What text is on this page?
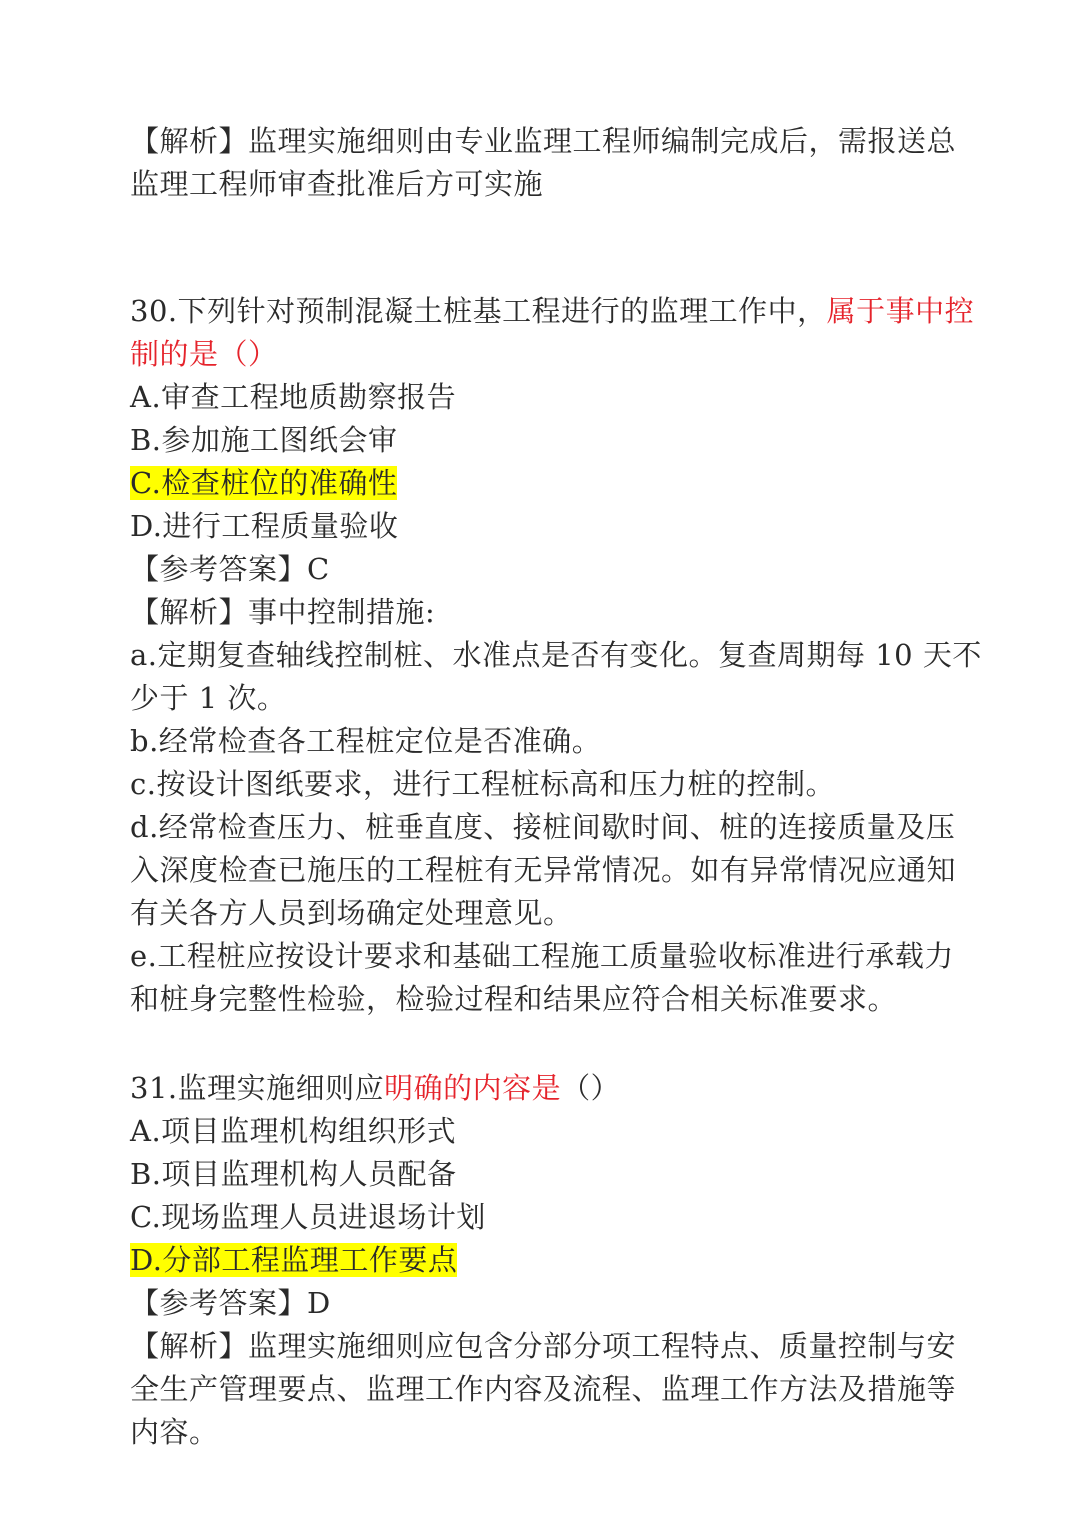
【解析】监理实施细则由专业监理工程师编制完成后，需报送总
监理工程师审查批准后方可实施
30.下列针对预制混凝土桩基工程进行的监理工作中，属于事中控
制的是（）
A.审查工程地质勘察报告
B.参加施工图纸会审
C.检查桩位的准确性
D.进行工程质量验收
【参考答案】C
【解析】事中控制措施:
a.定期复查轴线控制桩、水准点是否有变化。复查周期每 10 天不
少于 1 次。
b.经常检查各工程桩定位是否准确。
c.按设计图纸要求，进行工程桩标高和压力桩的控制。
d.经常检查压力、桩垂直度、接桩间歇时间、桩的连接质量及压
入深度检查已施压的工程桩有无异常情况。如有异常情况应通知
有关各方人员到场确定处理意见。
e.工程桩应按设计要求和基础工程施工质量验收标准进行承载力
和桩身完整性检验，检验过程和结果应符合相关标准要求。
31.监理实施细则应明确的内容是（）
A.项目监理机构组织形式
B.项目监理机构人员配备
C.现场监理人员进退场计划
D.分部工程监理工作要点
【参考答案】D
【解析】监理实施细则应包含分部分项工程特点、质量控制与安
全生产管理要点、监理工作内容及流程、监理工作方法及措施等
内容。
